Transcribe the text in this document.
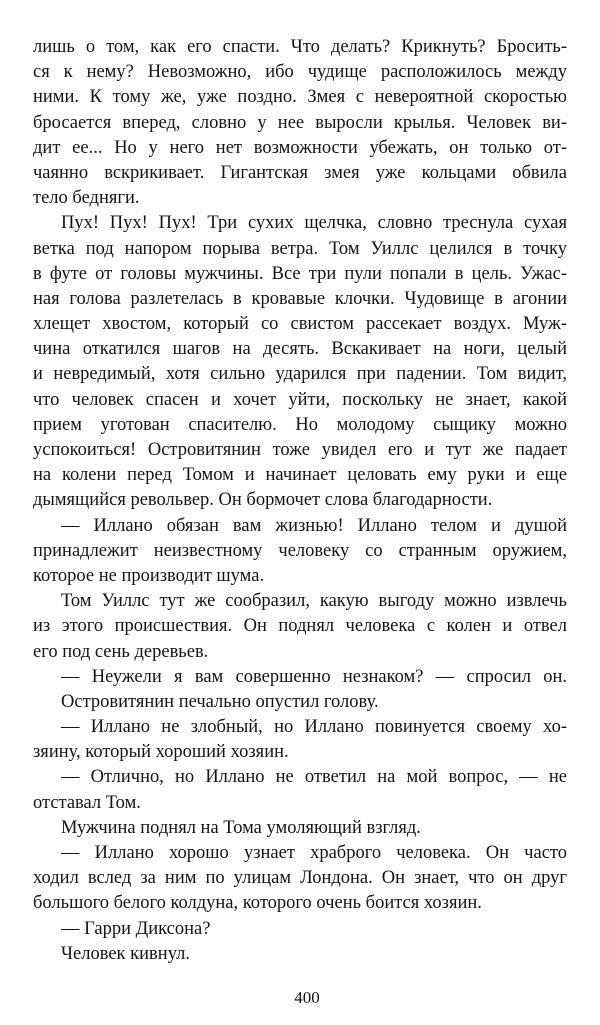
лишь о том, как его спасти. Что делать? Крикнуть? Бросить-
ся к нему? Невозможно, ибо чудище расположилось между
ними. К тому же, уже поздно. Змея с невероятной скоростью
бросается вперед, словно у нее выросли крылья. Человек ви-
дит ее... Но у него нет возможности убежать, он только от-
чаянно вскрикивает. Гигантская змея уже кольцами обвила
тело бедняги.
Пух! Пух! Пух! Три сухих щелчка, словно треснула сухая
ветка под напором порыва ветра. Том Уиллс целился в точку
в футе от головы мужчины. Все три пули попали в цель. Ужас-
ная голова разлетелась в кровавые клочки. Чудовище в агонии
хлещет хвостом, который со свистом рассекает воздух. Муж-
чина откатился шагов на десять. Вскакивает на ноги, целый
и невредимый, хотя сильно ударился при падении. Том видит,
что человек спасен и хочет уйти, поскольку не знает, какой
прием уготован спасителю. Но молодому сыщику можно
успокоиться! Островитянин тоже увидел его и тут же падает
на колени перед Томом и начинает целовать ему руки и еще
дымящийся револьвер. Он бормочет слова благодарности.
— Иллано обязан вам жизнью! Иллано телом и душой
принадлежит неизвестному человеку со странным оружием,
которое не производит шума.
Том Уиллс тут же сообразил, какую выгоду можно извлечь
из этого происшествия. Он поднял человека с колен и отвел
его под сень деревьев.
— Неужели я вам совершенно незнаком? — спросил он.
Островитянин печально опустил голову.
— Иллано не злобный, но Иллано повинуется своему хо-
зяину, который хороший хозяин.
— Отлично, но Иллано не ответил на мой вопрос, — не
отставал Том.
Мужчина поднял на Тома умоляющий взгляд.
— Иллано хорошо узнает храброго человека. Он часто
ходил вслед за ним по улицам Лондона. Он знает, что он друг
большого белого колдуна, которого очень боится хозяин.
— Гарри Диксона?
Человек кивнул.
400
